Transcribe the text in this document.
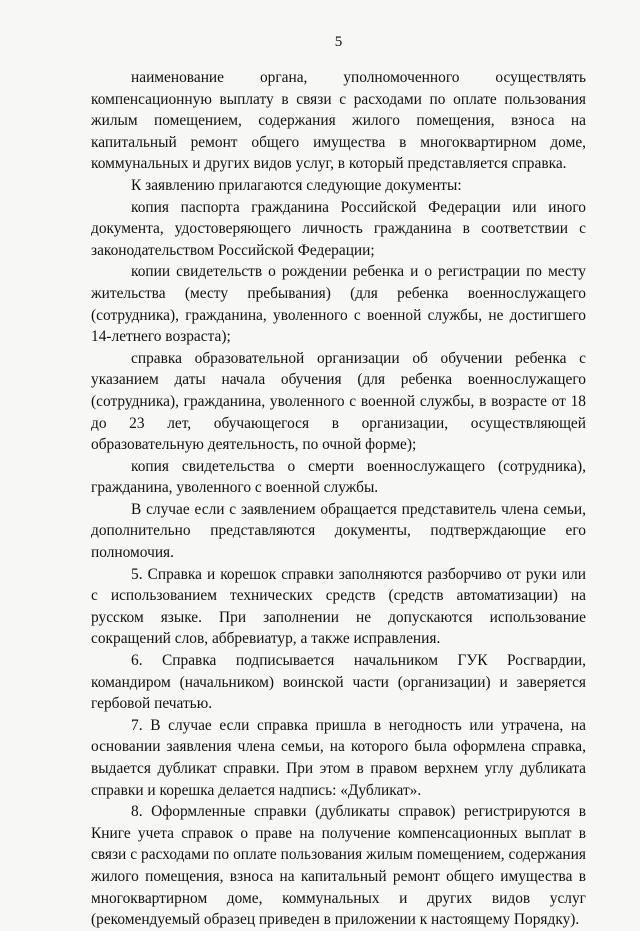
5

наименование органа, уполномоченного осуществлять компенсационную выплату в связи с расходами по оплате пользования жилым помещением, содержания жилого помещения, взноса на капитальный ремонт общего имущества в многоквартирном доме, коммунальных и других видов услуг, в который представляется справка.

К заявлению прилагаются следующие документы:

копия паспорта гражданина Российской Федерации или иного документа, удостоверяющего личность гражданина в соответствии с законодательством Российской Федерации;

копии свидетельств о рождении ребенка и о регистрации по месту жительства (месту пребывания) (для ребенка военнослужащего (сотрудника), гражданина, уволенного с военной службы, не достигшего 14-летнего возраста);

справка образовательной организации об обучении ребенка с указанием даты начала обучения (для ребенка военнослужащего (сотрудника), гражданина, уволенного с военной службы, в возрасте от 18 до 23 лет, обучающегося в организации, осуществляющей образовательную деятельность, по очной форме);

копия свидетельства о смерти военнослужащего (сотрудника), гражданина, уволенного с военной службы.

В случае если с заявлением обращается представитель члена семьи, дополнительно представляются документы, подтверждающие его полномочия.

5. Справка и корешок справки заполняются разборчиво от руки или с использованием технических средств (средств автоматизации) на русском языке. При заполнении не допускаются использование сокращений слов, аббревиатур, а также исправления.

6. Справка подписывается начальником ГУК Росгвардии, командиром (начальником) воинской части (организации) и заверяется гербовой печатью.

7. В случае если справка пришла в негодность или утрачена, на основании заявления члена семьи, на которого была оформлена справка, выдается дубликат справки. При этом в правом верхнем углу дубликата справки и корешка делается надпись: «Дубликат».

8. Оформленные справки (дубликаты справок) регистрируются в Книге учета справок о праве на получение компенсационных выплат в связи с расходами по оплате пользования жилым помещением, содержания жилого помещения, взноса на капитальный ремонт общего имущества в многоквартирном доме, коммунальных и других видов услуг (рекомендуемый образец приведен в приложении к настоящему Порядку).
